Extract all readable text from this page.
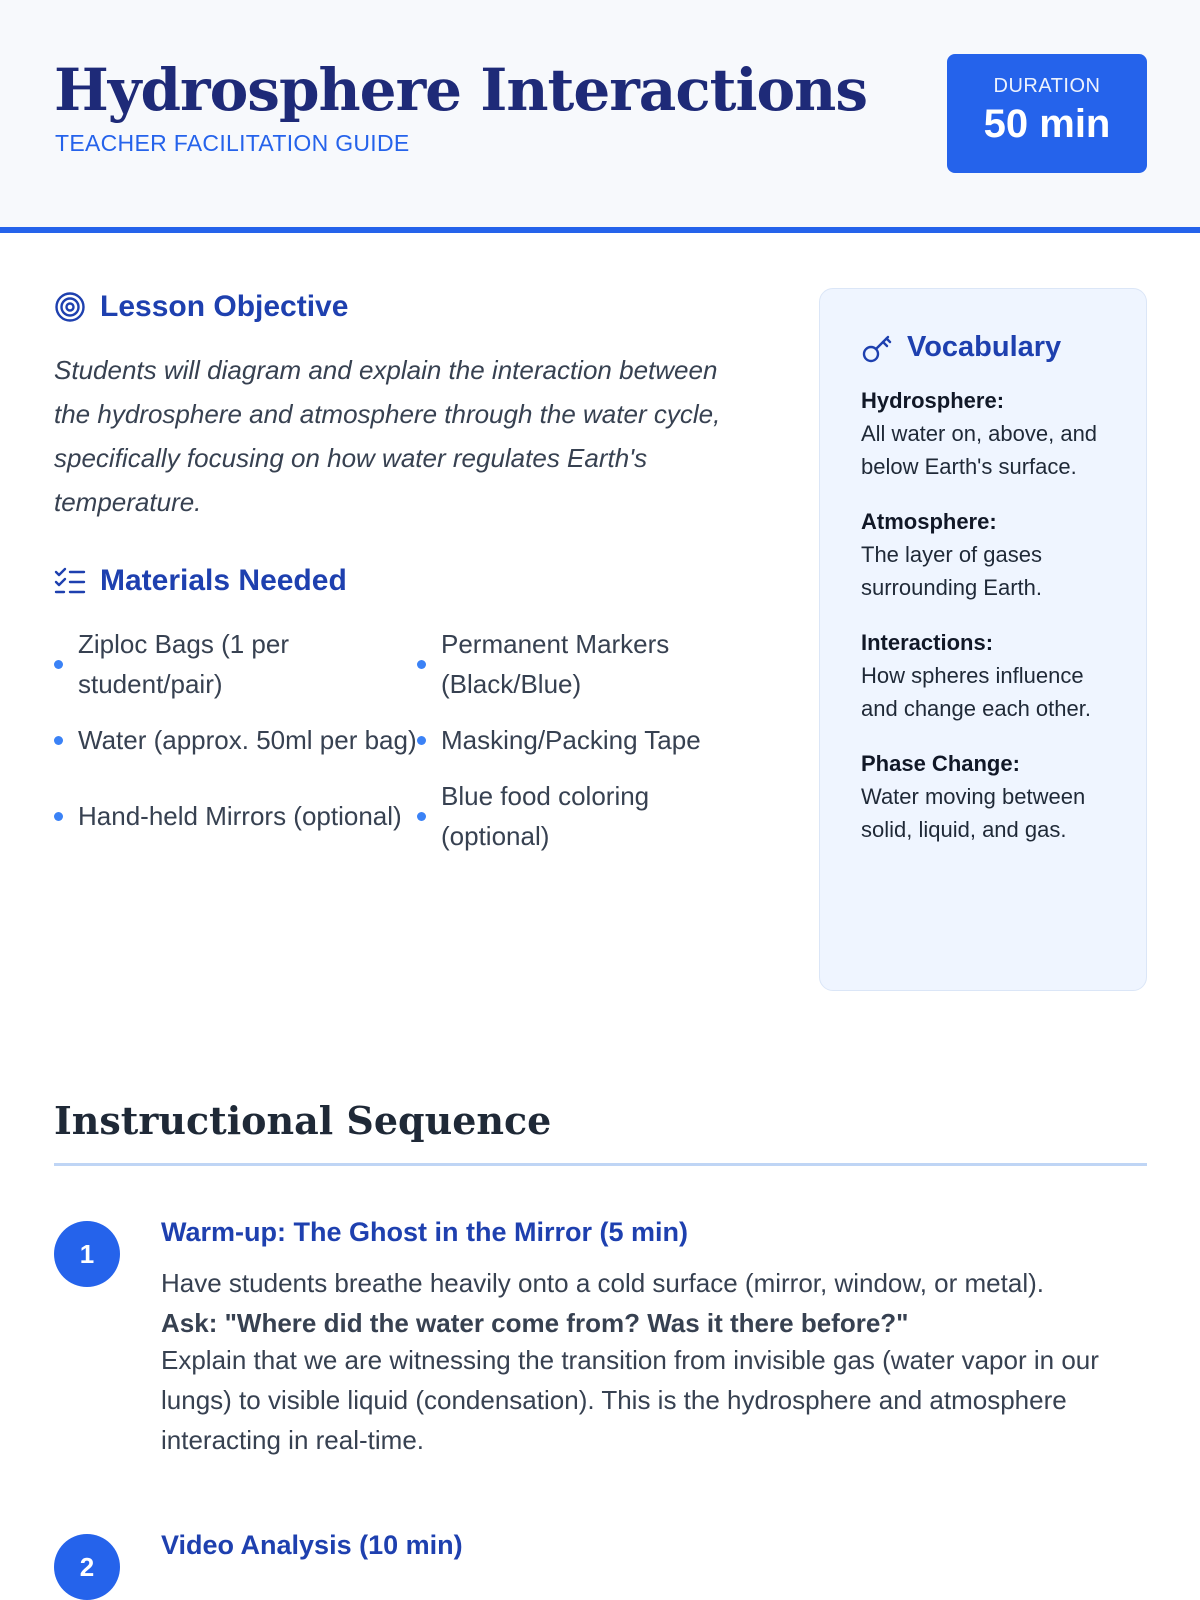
Hydrosphere Interactions
TEACHER FACILITATION GUIDE
DURATION
50 min
Lesson Objective

Students will diagram and explain the interaction between the hydrosphere and atmosphere through the water cycle, specifically focusing on how water regulates Earth's temperature.

Materials Needed
Ziploc Bags (1 per student/pair)
Permanent Markers (Black/Blue)
Water (approx. 50ml per bag) Masking/Packing Tape
Hand-held Mirrors (optional)
Blue food coloring (optional)
Vocabulary
Hydrosphere:
All water on, above, and below Earth's surface.
Atmosphere:
The layer of gases surrounding Earth.
Interactions:
How spheres influence and change each other.
Phase Change:
Water moving between solid, liquid, and gas.
Instructional Sequence
1
Warm-up: The Ghost in the Mirror (5 min)

Have students breathe heavily onto a cold surface (mirror, window, or metal).

Ask: "Where did the water come from? Was it there before?"

Explain that we are witnessing the transition from invisible gas (water vapor in our lungs) to visible liquid (condensation). This is the hydrosphere and atmosphere interacting in real-time.

2
Video Analysis (10 min)
